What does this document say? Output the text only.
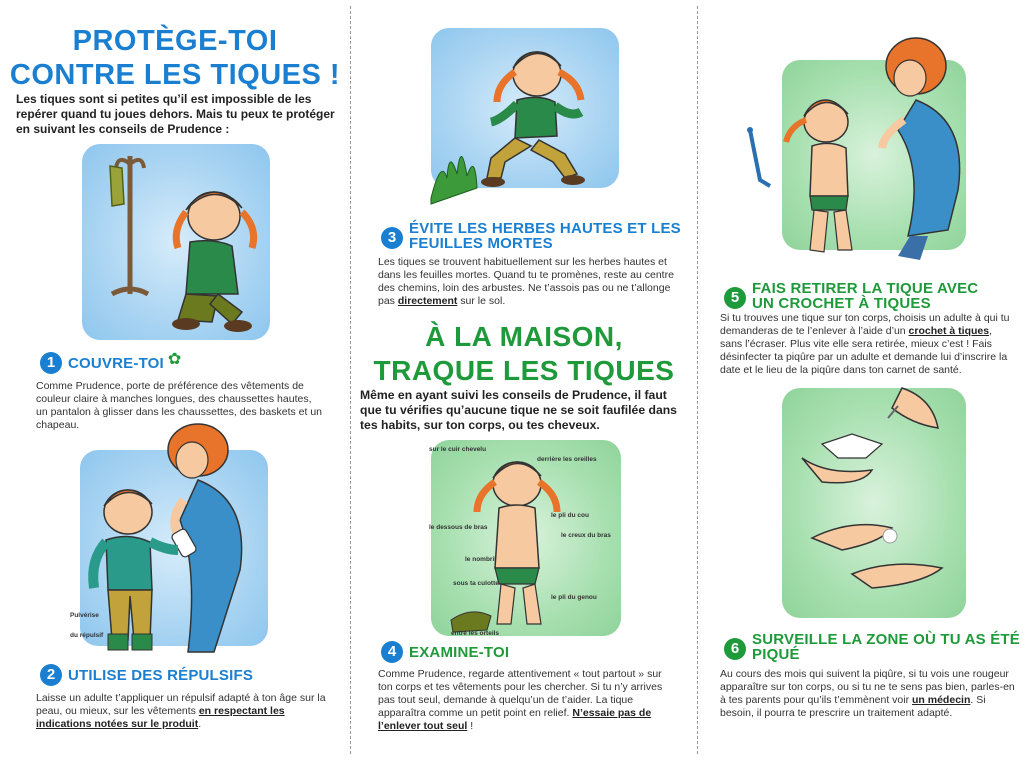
PROTÈGE-TOI
CONTRE LES TIQUES !
Les tiques sont si petites qu’il est impossible de les repérer quand tu joues dehors. Mais tu peux te protéger en suivant les conseils de Prudence :
1 COUVRE-TOI ✿
Comme Prudence, porte de préférence des vêtements de couleur claire à manches longues, des chaussettes hautes, un pantalon à glisser dans les chaussettes, des baskets et un chapeau.
Pulvérise
du répulsif
2 UTILISE DES RÉPULSIFS
Laisse un adulte t’appliquer un répulsif adapté à ton âge sur la peau, ou mieux, sur les vêtements en respectant les indications notées sur le produit.
3
ÉVITE LES HERBES HAUTES ET LES FEUILLES MORTES
Les tiques se trouvent habituellement sur les herbes hautes et dans les feuilles mortes. Quand tu te promènes, reste au centre des chemins, loin des arbustes. Ne t’assois pas ou ne t’allonge pas directement sur le sol.
À LA MAISON,
TRAQUE LES TIQUES
Même en ayant suivi les conseils de Prudence, il faut que tu vérifies qu’aucune tique ne se soit faufilée dans tes habits, sur ton corps, ou tes cheveux.
sur le cuir chevelu
derrière les oreilles
le pli du cou
le creux du bras
le dessous de bras
le nombril
sous ta culotte
le pli du genou
entre les orteils
4 EXAMINE-TOI
Comme Prudence, regarde attentivement « tout partout » sur ton corps et tes vêtements pour les chercher. Si tu n’y arrives pas tout seul, demande à quelqu’un de t’aider. La tique apparaîtra comme un petit point en relief. N’essaie pas de l’enlever tout seul !
5
FAIS RETIRER LA TIQUE AVEC UN CROCHET À TIQUES
Si tu trouves une tique sur ton corps, choisis un adulte à qui tu demanderas de te l’enlever à l’aide d’un crochet à tiques, sans l’écraser. Plus vite elle sera retirée, mieux c’est ! Fais désinfecter ta piqûre par un adulte et demande lui d’inscrire la date et le lieu de la piqûre dans ton carnet de santé.
6
SURVEILLE LA ZONE OÙ TU AS ÉTÉ PIQUÉ
Au cours des mois qui suivent la piqûre, si tu vois une rougeur apparaître sur ton corps, ou si tu ne te sens pas bien, parles-en à tes parents pour qu’ils t’emmènent voir un médecin. Si besoin, il pourra te prescrire un traitement adapté.
